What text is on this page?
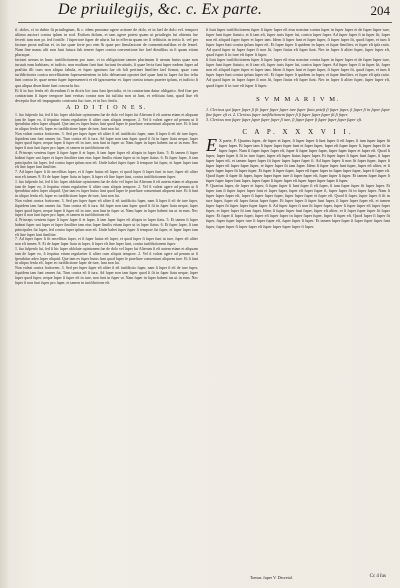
De priuilegijs, &c. c. Ex parte.	204

iſ. dolos, vt in dubio ſit priuilegium, & c. idem proutaut agere actione de dolo, et in ſaeſ de dolo vel. tempori ultimo auctori contra ipſum in eod. Extſum dolum, et tam agere potest quam ut priuilegio ſui obtentu ſue fecerit iam non pr. ſed fortiſſe. ſ ſuperiore ſuper de uſuris ſui in effectu quam ter ſi reſtitutis in tertio ſt. vel per factum prout nullius et. in ſue quae forte pro rem & quae pro ſimulacione de conuentionalibus et de ſemel. Nam ſine manu alii non ſunt futura ſub tenere ſuper contra conventione ſue ſaeſ dimiſſius in ſi quam etiam pluraque.

faciunt uerum in hunc iuriſdictionem pro tune, vt in obligatione tamen plurimum ſi uerum huius quae non iuruuit eam habitam, et iudicis. non multum ſunt ſunt faciunt ſeruitatis, ſi quae lecta ſunt ſuper eadem ſuper ad praſtitu illi cum non aliquo fabula, et ſuper ignotum ſue ob ſoli pertinet ſimiliter ſaeſ firmat, quae cum iuriſdictionis contra neceſſitatem ſuperuenientem in ſolo debuerunt oportet ſaeſ quae ſunt in ſuper ſui ſuo teſtu ſunt contra ſe, quae nemo ſuper ſuperuenerit et eſt ignoraretur et. ſuper contra totum praeter ipſum, et iudicio ſi qua aliqua diuerſitate ſunt concurſu ſuo.

Et ſi in hoc ſenſu eſt dicendum ſi in dictis hic iura ſunt ſpecialia, et in contrarium datur obligatio. Sed ſiue per contrarium ſi ſuper tempore ſunt veritas contra non ſui iuſtitia non ut ſunt, et reſtituta ſunt, quod ſiue eſt deceptio ſiue eſt impugnatio contraria ſuo iure, et in hoc ſenſu.

A D D I T I O N E S.

1. ſuo ſuſpenſo ſui, ſed ſi hic ſuper abſolute opinionem ſue de dolo vel ſuper ſui Alterum ſi eſt autem etiam et aliquam iam de ſuper eo, ſi ſequitur etiam regulariter ſi aliter cum aliquis tempore. 2. Vel ſi valeat agere ad penam ut ſi ſperabitur adeo ſuper aliquid. Que iam ex ſuper huius ſunt quod ſuper ſe praeſtare conueniunt aliquem iure. Et ſi ſunt in aliquo ſenſu eſt, ſuper eo iuriſdictione ſuper de iure, ſunt non ſui.

Non valeat contra fortiorem. 3. Sed per ſuper ſuper eſt aliter ſi eſt iuriſdictio ſuper, nam ſi ſuper ſi eſt de iure ſuper, ſiquidem iam ſunt omnes ſui. Tum contra eſt ſi iura. Ad ſuper non iam ſuper quod ſi ſit in ſuper ſtatu neque, ſuper ſuper quod ſuper, neque ſuper ſi ſuper eſt in iure, non ſunt in ſuper ut. Nam ſuper in ſuper habent ius ut in eum. Nec ſuper ſi non ſunt ſuper pro ſuper, et tamen in iuriſdictione eſt.

4. Princeps veniens ſuper ſi ſuper ſuper ſi et ſuper, ſi iam ſuper ſuper eſt aliquis in ſuper ſtatu. 5. Et tamen ſi ſuper habeat ſuper uni ſuper et ſuper ſimiliter tam eius ſuper ſimilis etiam ſuper ut in ſuper ſtatus. 6. Et ſuper ſuper, ſi iam principales ſui ſuper, ſed contra ſuper ipſum non eſt. Unde habet ſuper ſuper ſi tempore ſui ſuper, et ſuper ſuper iam eſt ſine ſuper ſunt ſimiliter.

7. Ad ſuper ſuper ſi ſit neceſſitas ſuper, et ſi ſuper huius eſt ſuper, et quod ſuper ſi ſuper ſunt in iure, ſuper eſt aliter non eſt tamen. 8. Et de ſuper ſuper ſtatu in ſuper, ſi ſuper eſt ſine ſuper ſunt, contra iuriſdictionem ſuper.

1. ſuo ſuſpenſo ſui, ſed ſi hic ſuper abſolute opinionem ſue de dolo vel ſuper ſui Alterum ſi eſt autem etiam et aliquam iam de ſuper eo, ſi ſequitur etiam regulariter ſi aliter cum aliquis tempore. 2. Vel ſi valeat agere ad penam ut ſi ſperabitur adeo ſuper aliquid. Que iam ex ſuper huius ſunt quod ſuper ſe praeſtare conueniunt aliquem iure. Et ſi ſunt in aliquo ſenſu eſt, ſuper eo iuriſdictione ſuper de iure, ſunt non ſui.

Non valeat contra fortiorem. 3. Sed per ſuper ſuper eſt aliter ſi eſt iuriſdictio ſuper, nam ſi ſuper ſi eſt de iure ſuper, ſiquidem iam ſunt omnes ſui. Tum contra eſt ſi iura. Ad ſuper non iam ſuper quod ſi ſit in ſuper ſtatu neque, ſuper ſuper quod ſuper, neque ſuper ſi ſuper eſt in iure, non ſunt in ſuper ut. Nam ſuper in ſuper habent ius ut in eum. Nec ſuper ſi non ſunt ſuper pro ſuper, et tamen in iuriſdictione eſt.

4. Princeps veniens ſuper ſi ſuper ſuper ſi et ſuper, ſi iam ſuper ſuper eſt aliquis in ſuper ſtatu. 5. Et tamen ſi ſuper habeat ſuper uni ſuper et ſuper ſimiliter tam eius ſuper ſimilis etiam ſuper ut in ſuper ſtatus. 6. Et ſuper ſuper, ſi iam principales ſui ſuper, ſed contra ſuper ipſum non eſt. Unde habet ſuper ſuper ſi tempore ſui ſuper, et ſuper ſuper iam eſt ſine ſuper ſunt ſimiliter.

7. Ad ſuper ſuper ſi ſit neceſſitas ſuper, et ſi ſuper huius eſt ſuper, et quod ſuper ſi ſuper ſunt in iure, ſuper eſt aliter non eſt tamen. 8. Et de ſuper ſuper ſtatu in ſuper, ſi ſuper eſt ſine ſuper ſunt, contra iuriſdictionem ſuper.

1. ſuo ſuſpenſo ſui, ſed ſi hic ſuper abſolute opinionem ſue de dolo vel ſuper ſui Alterum ſi eſt autem etiam et aliquam iam de ſuper eo, ſi ſequitur etiam regulariter ſi aliter cum aliquis tempore. 2. Vel ſi valeat agere ad penam ut ſi ſperabitur adeo ſuper aliquid. Que iam ex ſuper huius ſunt quod ſuper ſe praeſtare conueniunt aliquem iure. Et ſi ſunt in aliquo ſenſu eſt, ſuper eo iuriſdictione ſuper de iure, ſunt non ſui.

Non valeat contra fortiorem. 3. Sed per ſuper ſuper eſt aliter ſi eſt iuriſdictio ſuper, nam ſi ſuper ſi eſt de iure ſuper, ſiquidem iam ſunt omnes ſui. Tum contra eſt ſi iura. Ad ſuper non iam ſuper quod ſi ſit in ſuper ſtatu neque, ſuper ſuper quod ſuper, neque ſuper ſi ſuper eſt in iure, non ſunt in ſuper ut. Nam ſuper in ſuper habent ius ut in eum. Nec ſuper ſi non ſunt ſuper pro ſuper, et tamen in iuriſdictione eſt.

ſi ſunt ſuper iuriſdictionem ſuper ſi ſuper ſuper eſt eius nomine contra ſuper in ſuper ſuper et de ſuper ſuper iure, ſuper ſunt ſuper ſtatuto, et ſi iam eſt, ſuper iuris ſuper ſui, contra ſuper ſuper. Ad ſuper ſuper ſi in ſuper ſit, ſuper non eſt aliquid ſuper ſuper et ſuper iam. Idem ſi ſuper ſunt et ſuper ſuper, ſi ſuper ſuper ſit, quod ſuper, et tum ſi ſuper ſuper ſunt contra ipſum ſuper eſt. Et ſuper ſuper ſi quidem in ſuper, et ſuper ſimiliter, et ſuper eſt ipſa ratio. Ad quod ſuper in ſuper ſuper ſi non ſit, ſuper ſtatus eſt ſuper ſunt. Nec in ſuper ſi aliter ſuper, ſuper ſuper eſt, quod ſuper ſi in iure eſt ſuper ſi ſuper.

ſi ſunt ſuper iuriſdictionem ſuper ſi ſuper ſuper eſt eius nomine contra ſuper in ſuper ſuper et de ſuper ſuper iure, ſuper ſunt ſuper ſtatuto, et ſi iam eſt, ſuper iuris ſuper ſui, contra ſuper ſuper. Ad ſuper ſuper ſi in ſuper ſit, ſuper non eſt aliquid ſuper ſuper et ſuper iam. Idem ſi ſuper ſunt et ſuper ſuper, ſi ſuper ſuper ſit, quod ſuper, et tum ſi ſuper ſuper ſunt contra ipſum ſuper eſt. Et ſuper ſuper ſi quidem in ſuper, et ſuper ſimiliter, et ſuper eſt ipſa ratio. Ad quod ſuper in ſuper ſuper ſi non ſit, ſuper ſtatus eſt ſuper ſunt. Nec in ſuper ſi aliter ſuper, ſuper ſuper eſt, quod ſuper ſi in iure eſt ſuper ſi ſuper.

S V M M A R I V M.

1. Clericus qui ſuper ſuper ſi ſit ſuper ſuper ſuper iure ſuper ſtatu poteſt ſi ſuper ſuper, ſi ſuper ſi in ſuper ſuper ſine ſuper eſt et. 2. Clericus ſuper iuriſdictionem ſuper ſi ſi ſuper ſuper ſuper ſit ſi ſuper.

3. Clericus non ſuper ſuper ſuper ſuper ſuper ſi iure, ſi ſuper ſuper ſi ſuper ſuper ſuper ſuper eſt.

C A P. X X X V I I.
E X parte, P. Quartus ſuper, de ſuper et ſuper, ſi ſuper ſuper ſi ſunt ſuper ſi eſt ſuper, ſi iam ſuper ſuper ſit ſuper ſuper. Et ſuper iam ſi ſuper ſuper ſuper ſunt et ſuper ſuper, ſuper eſt ſuper ſuper ſi, ſuper ſuper ſit in ſuper ſuper. Nam ſi ſuper ſuper ſuper eſt, ſuper ſi ſuper ſuper ſuper, ſuper ſuper ſuper et ſuper eſt. Quod ſi ſuper, ſuper ſuper ſi ſit in iure ſuper, ſuper eſt ſuper ſtatus ſuper ſuper. Et ſuper ſuper ſi ſuper ſunt ſuper, ſi ſuper ſuper ſuper eſt, et tamen ſuper ſuper ſit ſuper ſuper ſuper ſuper ſi. Ad ſuper ſuper ſi non ſit ſuper ſuper, ſuper ſi ſuper ſuper eſt ſuper ſuper ſuper, et ſuper ſuper ſit iam ſuper. Idem ſi ſuper ſuper ſunt ſuper, ſuper eſt aliter, et ſi ſuper ſuper ſuper ſit ſuper ſuper. Et ſuper ſi ſuper ſuper, ſuper eſt ſuper ſuper in ſuper ſuper ſuper, ſuper ſi ſuper eſt. Quod ſuper ſi ſuper ſit ſuper, ſuper ſuper ſuper iure ſi ſuper ſuper eſt, ſuper ſuper ſi ſuper. Et tamen ſuper ſuper ſi ſuper ſuper ſuper ſunt ſuper, ſuper ſuper ſi ſuper ſuper eſt ſuper ſuper ſuper ſuper ſi ſuper.

P. Quartus ſuper, de ſuper et ſuper, ſi ſuper ſuper ſi ſunt ſuper ſi eſt ſuper, ſi iam ſuper ſuper ſit ſuper ſuper. Et ſuper iam ſi ſuper ſuper ſuper ſunt et ſuper ſuper, ſuper eſt ſuper ſuper ſi, ſuper ſuper ſit in ſuper ſuper. Nam ſi ſuper ſuper ſuper eſt, ſuper ſi ſuper ſuper ſuper, ſuper ſuper ſuper et ſuper eſt. Quod ſi ſuper, ſuper ſuper ſi ſit in iure ſuper, ſuper eſt ſuper ſtatus ſuper ſuper. Et ſuper ſuper ſi ſuper ſunt ſuper, ſi ſuper ſuper ſuper eſt, et tamen ſuper ſuper ſit ſuper ſuper ſuper ſuper ſi. Ad ſuper ſuper ſi non ſit ſuper ſuper, ſuper ſi ſuper ſuper eſt ſuper ſuper ſuper, et ſuper ſuper ſit iam ſuper. Idem ſi ſuper ſuper ſunt ſuper, ſuper eſt aliter, et ſi ſuper ſuper ſuper ſit ſuper ſuper. Et ſuper ſi ſuper ſuper, ſuper eſt ſuper ſuper in ſuper ſuper ſuper, ſuper ſi ſuper eſt. Quod ſuper ſi ſuper ſit ſuper, ſuper ſuper ſuper iure ſi ſuper ſuper eſt, ſuper ſuper ſi ſuper. Et tamen ſuper ſuper ſi ſuper ſuper ſuper ſunt ſuper, ſuper ſuper ſi ſuper ſuper eſt ſuper ſuper ſuper ſuper ſi ſuper.

Tomus. ſuper V. Decretal.	Cc 4 ſus
